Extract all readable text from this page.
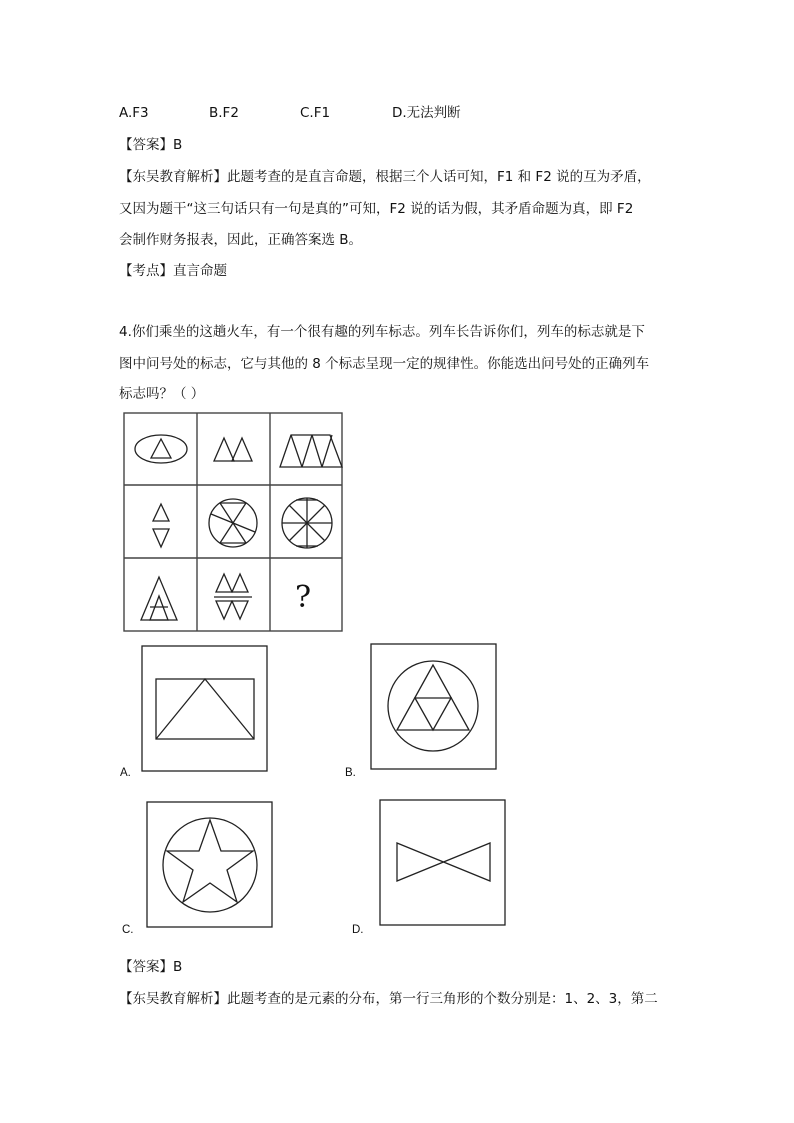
A.F3	B.F2	C.F1	D.无法判断
【答案】B
【东吴教育解析】此题考查的是直言命题，根据三个人话可知，F1 和 F2 说的互为矛盾，
又因为题干“这三句话只有一句是真的”可知，F2 说的话为假，其矛盾命题为真，即 F2
会制作财务报表，因此，正确答案选 B。
【考点】直言命题
4.你们乘坐的这趟火车，有一个很有趣的列车标志。列车长告诉你们，列车的标志就是下
图中问号处的标志，它与其他的 8 个标志呈现一定的规律性。你能选出问号处的正确列车
标志吗？（ ）
?
A.	B.
C.	D.
【答案】B
【东吴教育解析】此题考查的是元素的分布，第一行三角形的个数分别是：1、2、3，第二
